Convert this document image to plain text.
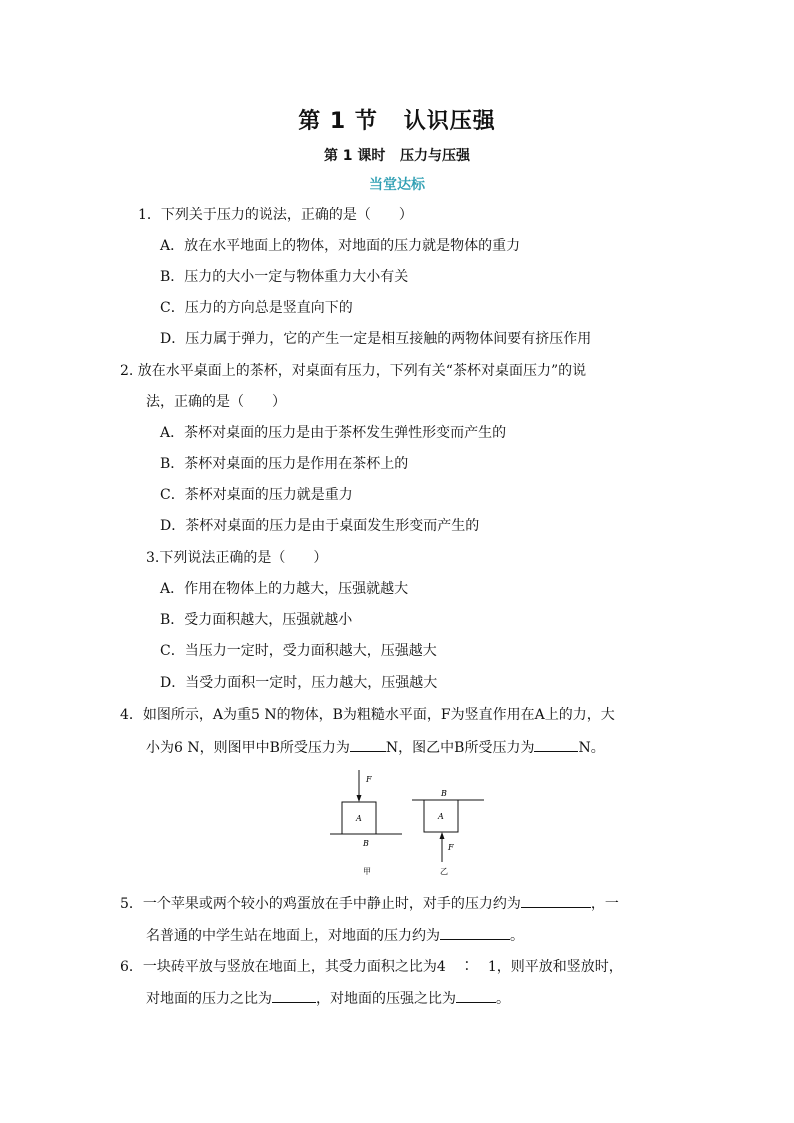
第 1 节   认识压强
第 1 课时   压力与压强
当堂达标
1．下列关于压力的说法，正确的是（　　）
A．放在水平地面上的物体，对地面的压力就是物体的重力
B．压力的大小一定与物体重力大小有关
C．压力的方向总是竖直向下的
D．压力属于弹力，它的产生一定是相互接触的两物体间要有挤压作用
2. 放在水平桌面上的茶杯，对桌面有压力，下列有关“茶杯对桌面压力”的说
法，正确的是（　　）
A．茶杯对桌面的压力是由于茶杯发生弹性形变而产生的
B．茶杯对桌面的压力是作用在茶杯上的
C．茶杯对桌面的压力就是重力
D．茶杯对桌面的压力是由于桌面发生形变而产生的
3.下列说法正确的是（　　）
A．作用在物体上的力越大，压强就越大
B．受力面积越大，压强就越小
C．当压力一定时，受力面积越大，压强越大
D．当受力面积一定时，压力越大，压强越大
4．如图所示，A为重5 N的物体，B为粗糙水平面，F为竖直作用在A上的力，大
小为6 N，则图甲中B所受压力为	N，图乙中B所受压力为	N。
F
A
B
甲
F
A
B
乙
5．一个苹果或两个较小的鸡蛋放在手中静止时，对手的压力约为	，一
名普通的中学生站在地面上，对地面的压力约为	。
6．一块砖平放与竖放在地面上，其受力面积之比为4　∶　1，则平放和竖放时，
对地面的压力之比为	，对地面的压强之比为	。
